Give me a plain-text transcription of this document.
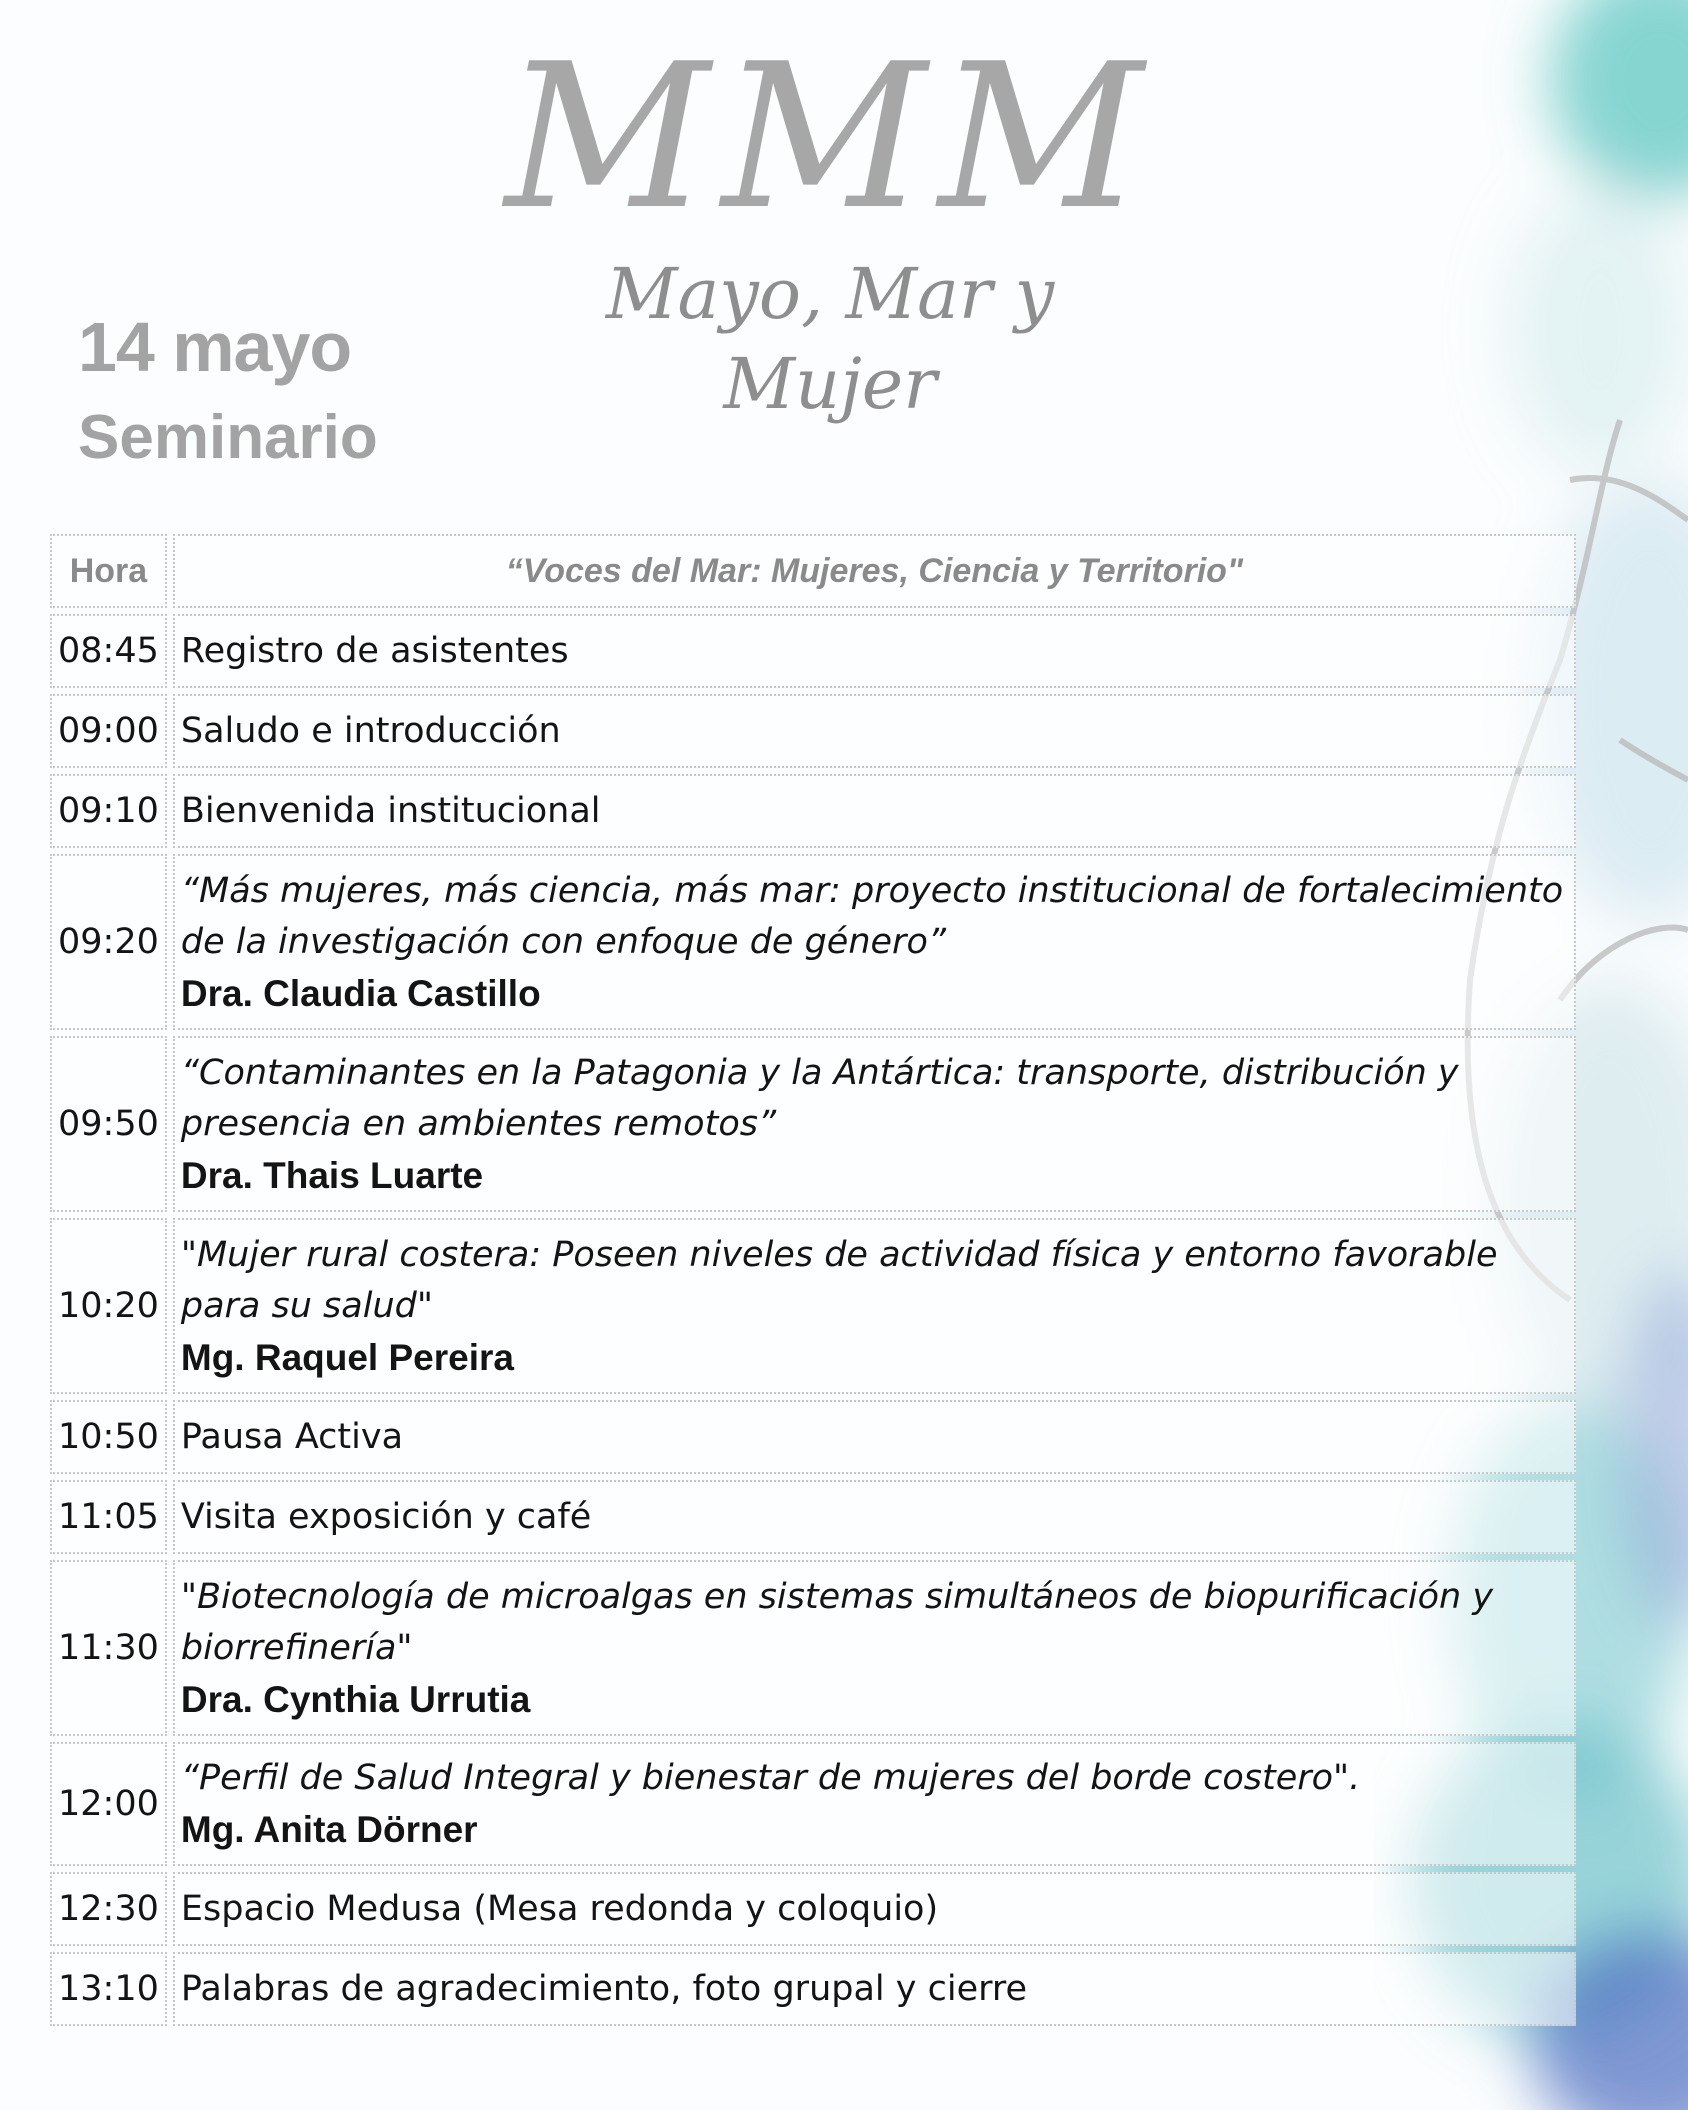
MMM
Mayo, Mar y Mujer
14 mayo
Seminario
Hora	“Voces del Mar: Mujeres, Ciencia y Territorio"
08:45	Registro de asistentes
09:00	Saludo e introducción
09:10	Bienvenida institucional
09:20	“Más mujeres, más ciencia, más mar: proyecto institucional de fortalecimiento de la investigación con enfoque de género”
Dra. Claudia Castillo

09:50	“Contaminantes en la Patagonia y la Antártica: transporte, distribución y presencia en ambientes remotos”
Dra. Thais Luarte

10:20	"Mujer rural costera: Poseen niveles de actividad física y entorno favorable para su salud"
Mg. Raquel Pereira

10:50	Pausa Activa
11:05	Visita exposición y café
11:30	"Biotecnología de microalgas en sistemas simultáneos de biopurificación y biorrefinería"
Dra. Cynthia Urrutia

12:00	“Perfil de Salud Integral y bienestar de mujeres del borde costero".
Mg. Anita Dörner

12:30	Espacio Medusa (Mesa redonda y coloquio)
13:10	Palabras de agradecimiento, foto grupal y cierre
